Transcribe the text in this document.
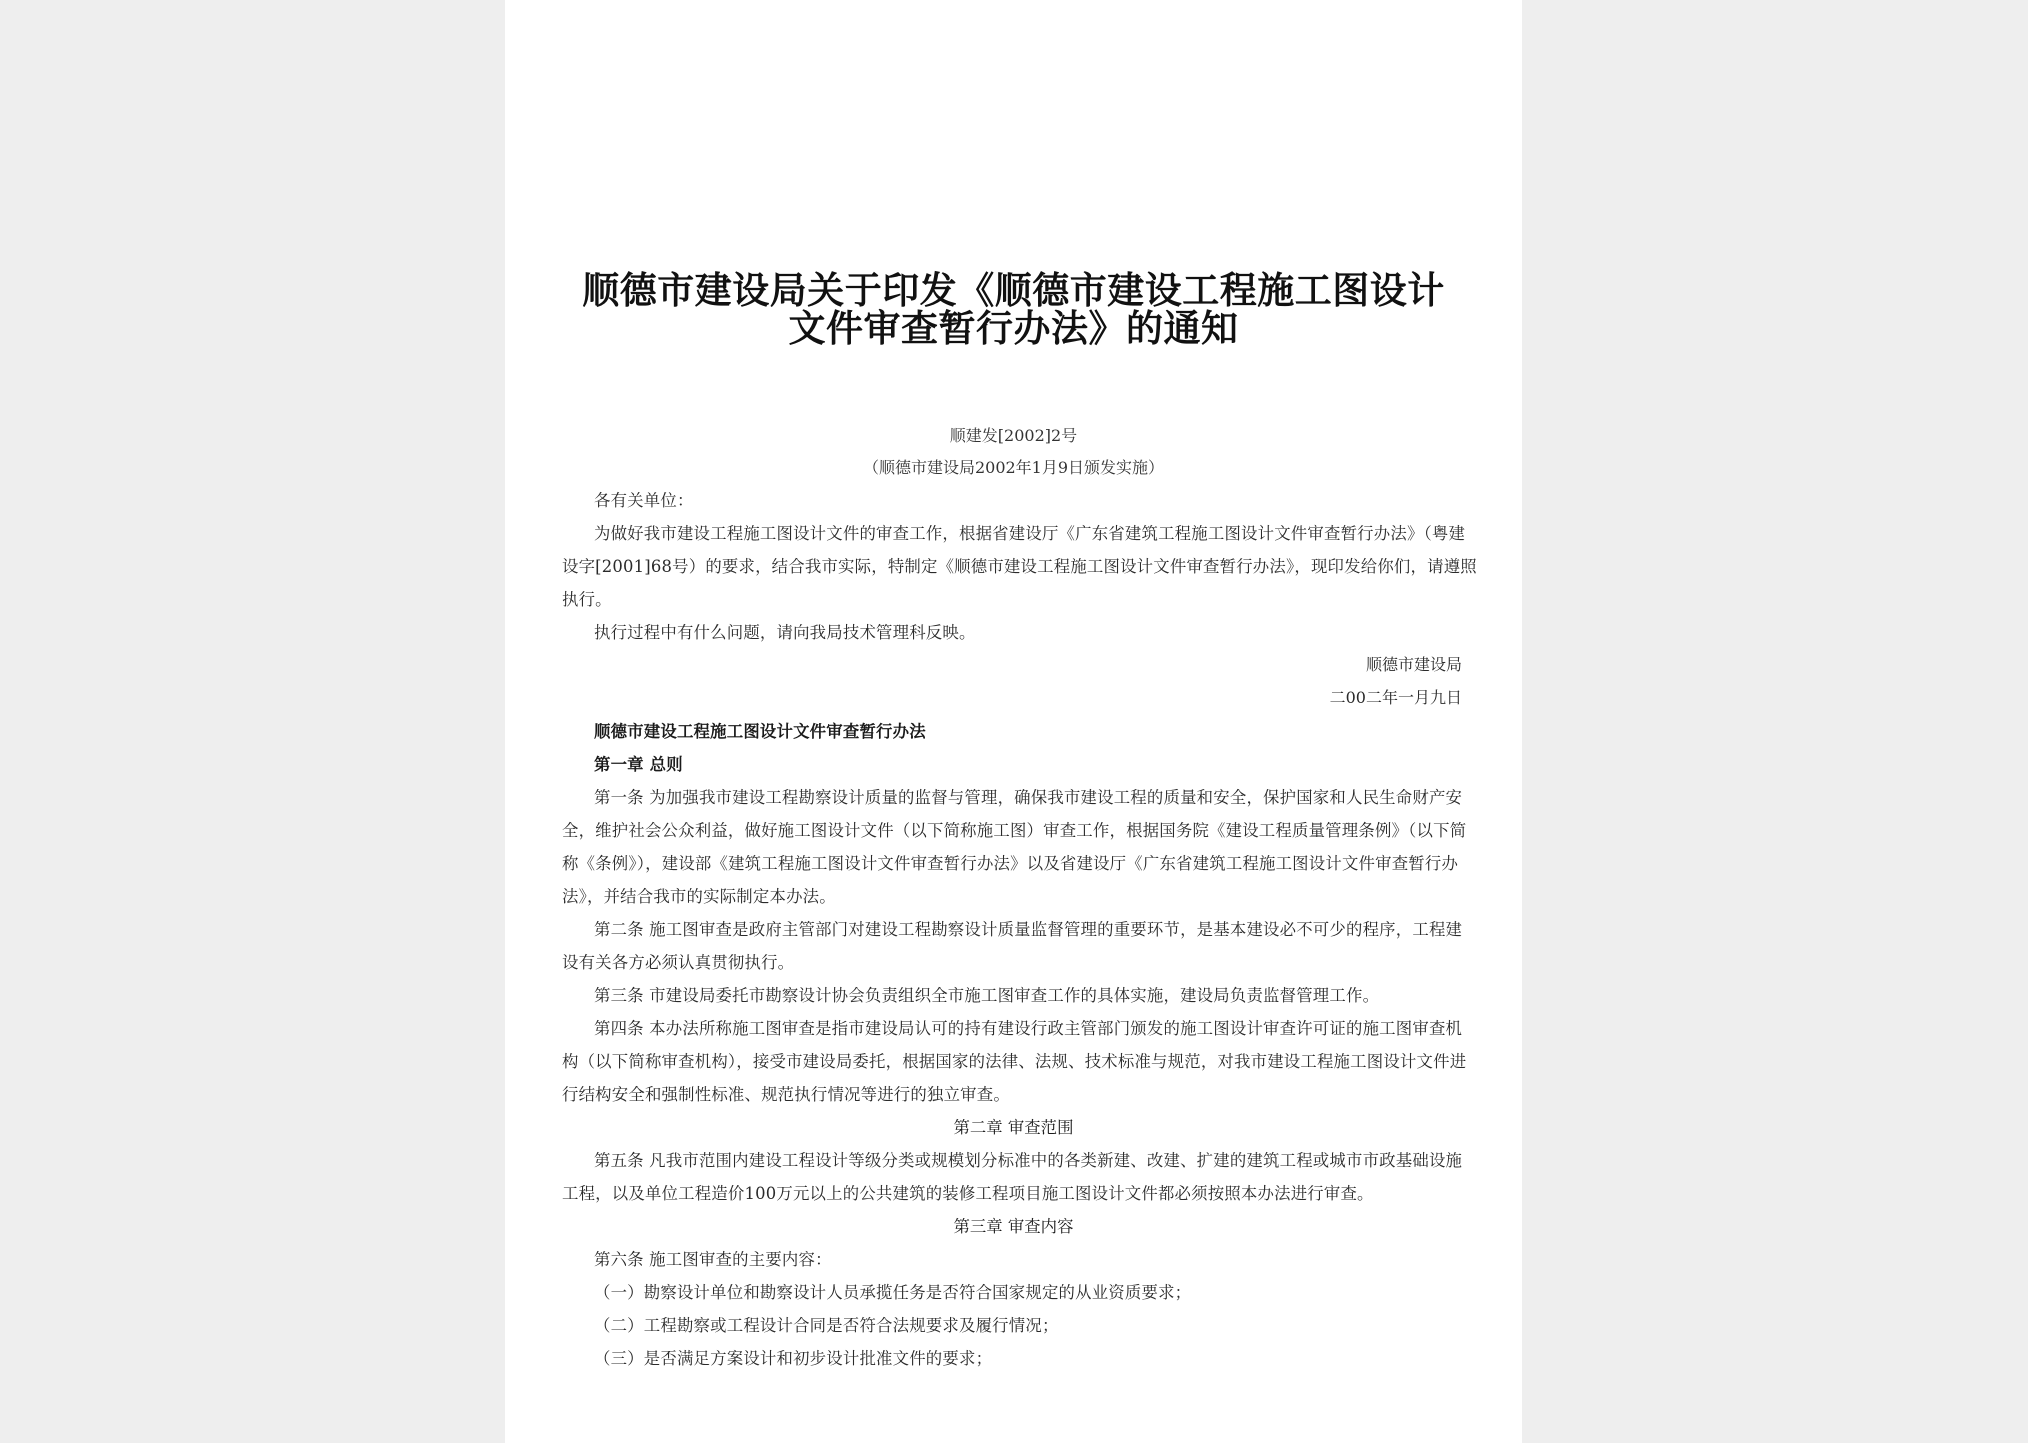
顺德市建设局关于印发《顺德市建设工程施工图设计
文件审查暂行办法》的通知

顺建发[2002]2号

（顺德市建设局2002年1月9日颁发实施）

各有关单位：

为做好我市建设工程施工图设计文件的审查工作，根据省建设厅《广东省建筑工程施工图设计文件审查暂行办法》（粤建

设字[2001]68号）的要求，结合我市实际，特制定《顺德市建设工程施工图设计文件审查暂行办法》，现印发给你们，请遵照

执行。

执行过程中有什么问题，请向我局技术管理科反映。

顺德市建设局

二00二年一月九日

顺德市建设工程施工图设计文件审查暂行办法

第一章 总则

第一条 为加强我市建设工程勘察设计质量的监督与管理，确保我市建设工程的质量和安全，保护国家和人民生命财产安

全，维护社会公众利益，做好施工图设计文件（以下简称施工图）审查工作，根据国务院《建设工程质量管理条例》（以下简

称《条例》），建设部《建筑工程施工图设计文件审查暂行办法》以及省建设厅《广东省建筑工程施工图设计文件审查暂行办

法》，并结合我市的实际制定本办法。

第二条 施工图审查是政府主管部门对建设工程勘察设计质量监督管理的重要环节，是基本建设必不可少的程序，工程建

设有关各方必须认真贯彻执行。

第三条 市建设局委托市勘察设计协会负责组织全市施工图审查工作的具体实施，建设局负责监督管理工作。

第四条 本办法所称施工图审查是指市建设局认可的持有建设行政主管部门颁发的施工图设计审查许可证的施工图审查机

构（以下简称审查机构），接受市建设局委托，根据国家的法律、法规、技术标准与规范，对我市建设工程施工图设计文件进

行结构安全和强制性标准、规范执行情况等进行的独立审查。

第二章 审查范围

第五条 凡我市范围内建设工程设计等级分类或规模划分标准中的各类新建、改建、扩建的建筑工程或城市市政基础设施

工程，以及单位工程造价100万元以上的公共建筑的装修工程项目施工图设计文件都必须按照本办法进行审查。

第三章 审查内容

第六条 施工图审查的主要内容：

（一）勘察设计单位和勘察设计人员承揽任务是否符合国家规定的从业资质要求；

（二）工程勘察或工程设计合同是否符合法规要求及履行情况；

（三）是否满足方案设计和初步设计批准文件的要求；
